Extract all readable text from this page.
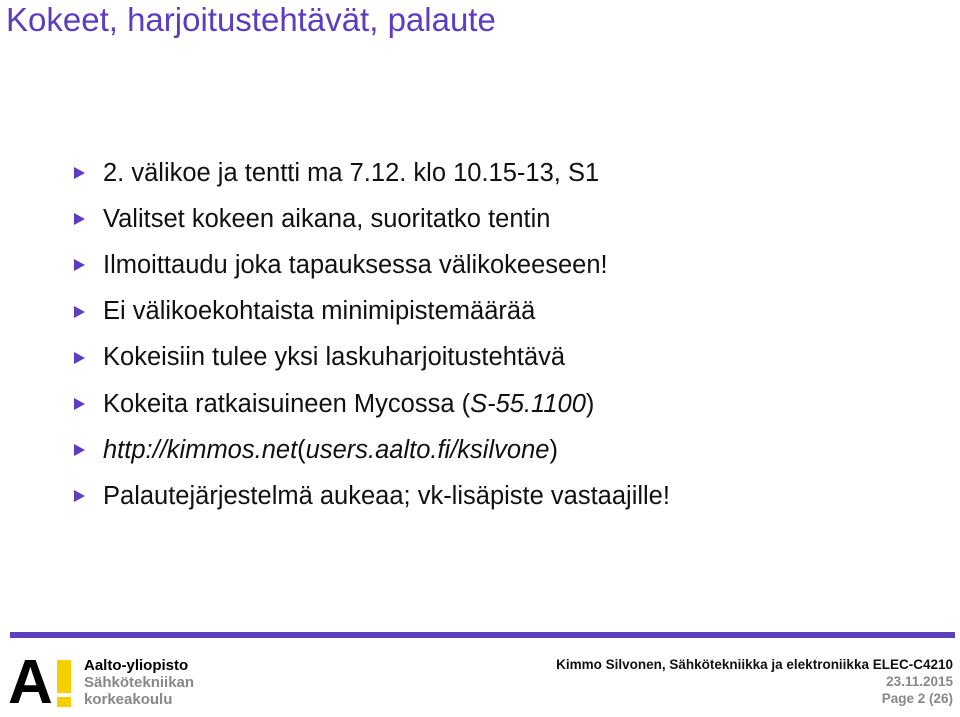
Kokeet, harjoitustehtävät, palaute
2. välikoe ja tentti ma 7.12. klo 10.15-13, S1
Valitset kokeen aikana, suoritatko tentin
Ilmoittaudu joka tapauksessa välikokeeseen!
Ei välikoekohtaista minimipistemäärää
Kokeisiin tulee yksi laskuharjoitustehtävä
Kokeita ratkaisuineen Mycossa ( S-55.1100 )
http://kimmos.net ( users.aalto.fi/ksilvone )
Palautejärjestelmä aukeaa; vk-lisäpiste vastaajille!
A Aalto-yliopisto
Sähkötekniikan
korkeakoulu
Kimmo Silvonen, Sähkötekniikka ja elektroniikka ELEC-C4210
23.11.2015
Page 2 (26)
